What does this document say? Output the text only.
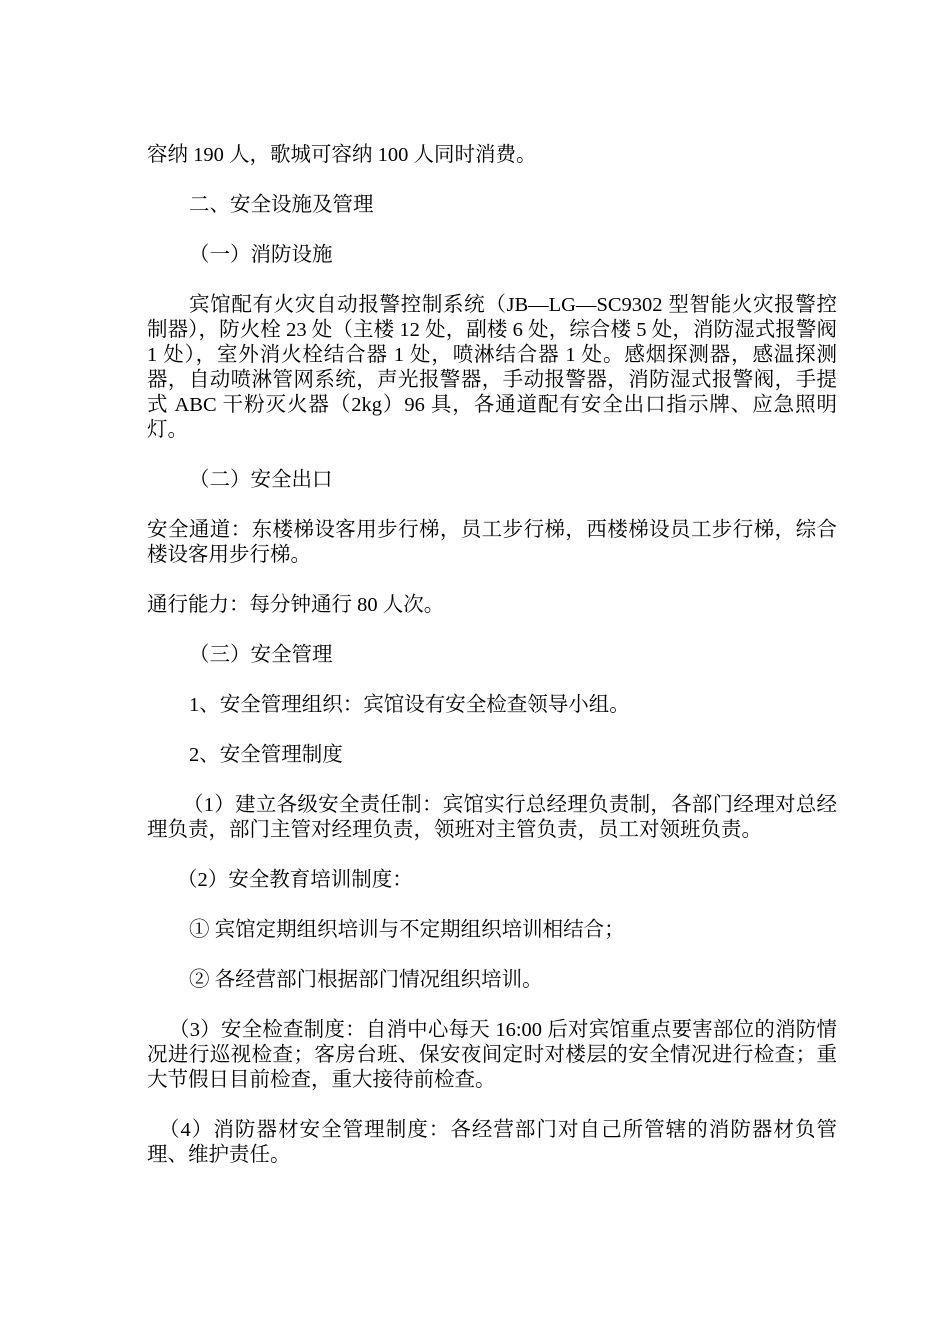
容纳 190 人，歌城可容纳 100 人同时消费。

二、安全设施及管理

（一）消防设施

宾馆配有火灾自动报警控制系统（JB—LG—SC9302 型智能火灾报警控制器），防火栓 23 处（主楼 12 处，副楼 6 处，综合楼 5 处，消防湿式报警阀 1 处），室外消火栓结合器 1 处，喷淋结合器 1 处。感烟探测器，感温探测器，自动喷淋管网系统，声光报警器，手动报警器，消防湿式报警阀，手提式 ABC 干粉灭火器（2kg）96 具，各通道配有安全出口指示牌、应急照明灯。

（二）安全出口

安全通道：东楼梯设客用步行梯，员工步行梯，西楼梯设员工步行梯，综合楼设客用步行梯。

通行能力：每分钟通行 80 人次。

（三）安全管理

1、安全管理组织：宾馆设有安全检查领导小组。

2、安全管理制度

（1）建立各级安全责任制：宾馆实行总经理负责制，各部门经理对总经理负责，部门主管对经理负责，领班对主管负责，员工对领班负责。

（2）安全教育培训制度：

① 宾馆定期组织培训与不定期组织培训相结合；

② 各经营部门根据部门情况组织培训。

（3）安全检查制度：自消中心每天 16:00 后对宾馆重点要害部位的消防情况进行巡视检查；客房台班、保安夜间定时对楼层的安全情况进行检查；重大节假日目前检查，重大接待前检查。

（4）消防器材安全管理制度：各经营部门对自己所管辖的消防器材负管理、维护责任。
